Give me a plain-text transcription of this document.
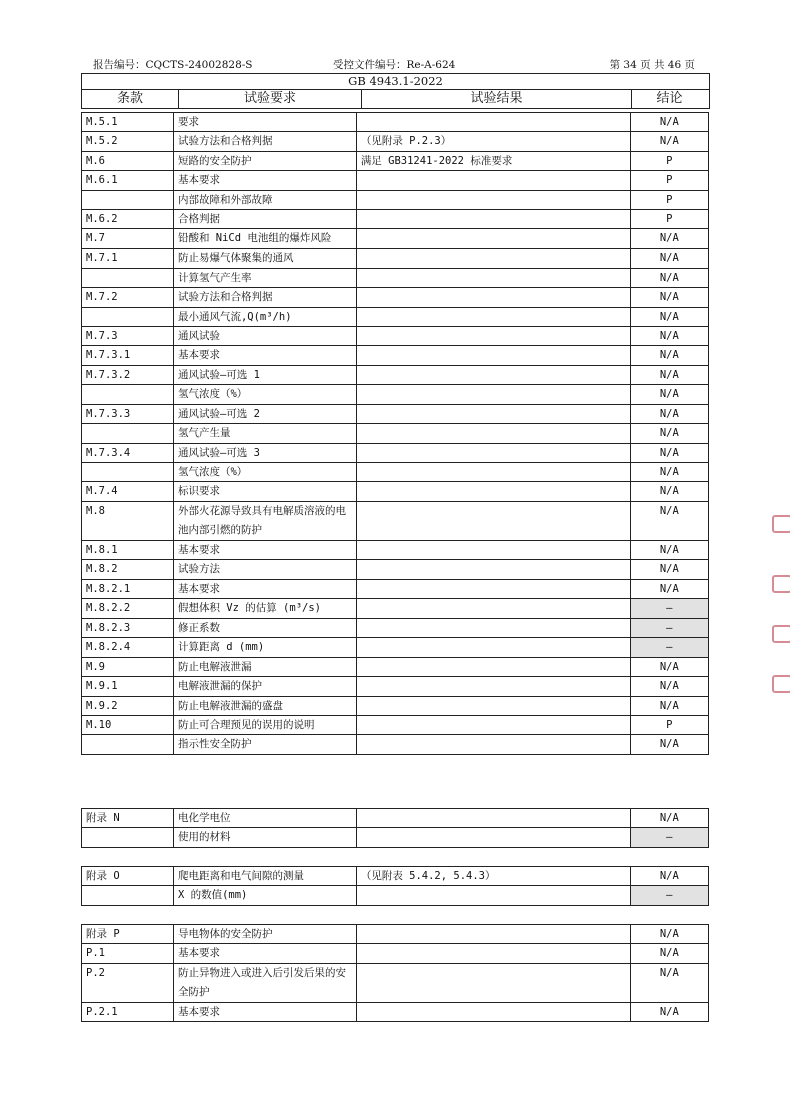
报告编号：CQCTS-24002828-S	受控文件编号：Re-A-624	第 34 页 共 46 页
GB 4943.1-2022
条款	试验要求	试验结果	结论
M.5.1	要求		N/A
M.5.2	试验方法和合格判据	（见附录 P.2.3）	N/A
M.6	短路的安全防护	满足 GB31241-2022 标准要求	P
M.6.1	基本要求		P
	内部故障和外部故障		P
M.6.2	合格判据		P
M.7	铅酸和 NiCd 电池组的爆炸风险		N/A
M.7.1	防止易爆气体聚集的通风		N/A
	计算氢气产生率		N/A
M.7.2	试验方法和合格判据		N/A
	最小通风气流,Q(m³/h)		N/A
M.7.3	通风试验		N/A
M.7.3.1	基本要求		N/A
M.7.3.2	通风试验—可选 1		N/A
	氢气浓度（%）		N/A
M.7.3.3	通风试验—可选 2		N/A
	氢气产生量		N/A
M.7.3.4	通风试验—可选 3		N/A
	氢气浓度（%）		N/A
M.7.4	标识要求		N/A
M.8	外部火花源导致具有电解质溶液的电池内部引燃的防护		N/A
M.8.1	基本要求		N/A
M.8.2	试验方法		N/A
M.8.2.1	基本要求		N/A
M.8.2.2	假想体积 Vz 的估算 (m³/s)		—
M.8.2.3	修正系数		—
M.8.2.4	计算距离 d (mm)		—
M.9	防止电解液泄漏		N/A
M.9.1	电解液泄漏的保护		N/A
M.9.2	防止电解液泄漏的盛盘		N/A
M.10	防止可合理预见的误用的说明		P
	指示性安全防护		N/A
附录 N	电化学电位		N/A
	使用的材料		—
附录 O	爬电距离和电气间隙的测量	（见附表 5.4.2, 5.4.3）	N/A
	X 的数值(mm)		—
附录 P	导电物体的安全防护		N/A
P.1	基本要求		N/A
P.2	防止异物进入或进入后引发后果的安全防护		N/A
P.2.1	基本要求		N/A
